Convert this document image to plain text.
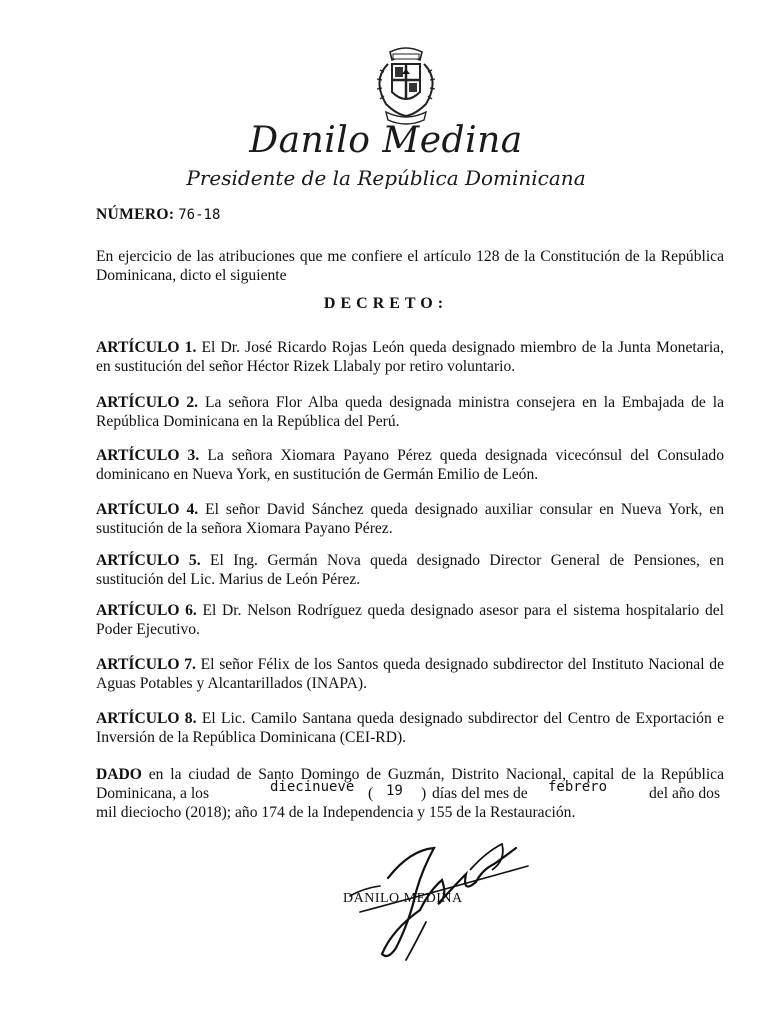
Danilo Medina
Presidente de la República Dominicana
NÚMERO: 76-18
En ejercicio de las atribuciones que me confiere el artículo 128 de la Constitución de la República Dominicana, dicto el siguiente
DECRETO:
ARTÍCULO 1. El Dr. José Ricardo Rojas León queda designado miembro de la Junta Monetaria, en sustitución del señor Héctor Rizek Llabaly por retiro voluntario.
ARTÍCULO 2. La señora Flor Alba queda designada ministra consejera en la Embajada de la República Dominicana en la República del Perú.
ARTÍCULO 3. La señora Xiomara Payano Pérez queda designada vicecónsul del Consulado dominicano en Nueva York, en sustitución de Germán Emilio de León.
ARTÍCULO 4. El señor David Sánchez queda designado auxiliar consular en Nueva York, en sustitución de la señora Xiomara Payano Pérez.
ARTÍCULO 5. El Ing. Germán Nova queda designado Director General de Pensiones, en sustitución del Lic. Marius de León Pérez.
ARTÍCULO 6. El Dr. Nelson Rodríguez queda designado asesor para el sistema hospitalario del Poder Ejecutivo.
ARTÍCULO 7. El señor Félix de los Santos queda designado subdirector del Instituto Nacional de Aguas Potables y Alcantarillados (INAPA).
ARTÍCULO 8. El Lic. Camilo Santana queda designado subdirector del Centro de Exportación e Inversión de la República Dominicana (CEI-RD).
DADO en la ciudad de Santo Domingo de Guzmán, Distrito Nacional, capital de la República
Dominicana, a los	diecinueve ( 19 ) días del mes de febrero	del año dos
mil dieciocho (2018); año 174 de la Independencia y 155 de la Restauración.
DANILO MEDINA
